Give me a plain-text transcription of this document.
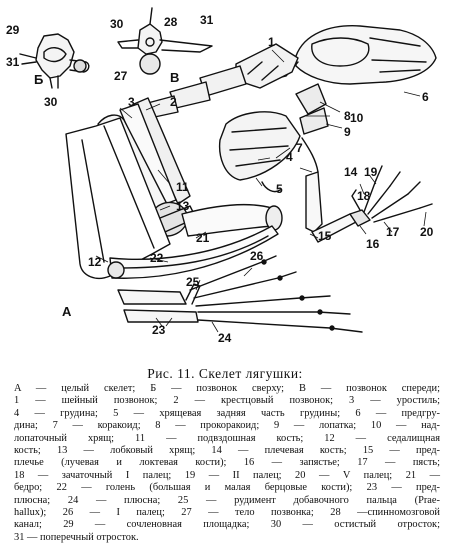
1
2
3
4
5
6
7
8
9
10
11
12
13
14
15
16
17
18
19
20
21
22
23
24
25
26
27
28
29
30
30
31
31
А
Б	В
Рис. 11. Скелет лягушки:
A — целый скелет; Б — позвонок сверху; В — позвонок спереди;
1 — шейный позвонок; 2 — крестцовый позвонок; 3 — уростиль;
4 — грудина; 5 — хрящевая задняя часть грудины; 6 — предгру-
дина; 7 — коракоид; 8 — прокоракоид; 9 — лопатка; 10 — над-
лопаточный хрящ; 11 — подвздошная кость; 12 — седалищная
кость; 13 — лобковый хрящ; 14 — плечевая кость; 15 — пред-
плечье (лучевая и локтевая кости); 16 — запястье; 17 — пясть;
18 — зачаточный I палец; 19 — II палец; 20 — V палец; 21 —
бедро; 22 — голень (большая и малая берцовые кости); 23 — пред-
плюсна; 24 — плюсна; 25 — рудимент добавочного пальца (Prae-
hallux); 26 — I палец; 27 — тело позвонка; 28 —спинномозговой
канал; 29 — сочленовная площадка; 30 — остистый отросток;
31 — поперечный отросток.
